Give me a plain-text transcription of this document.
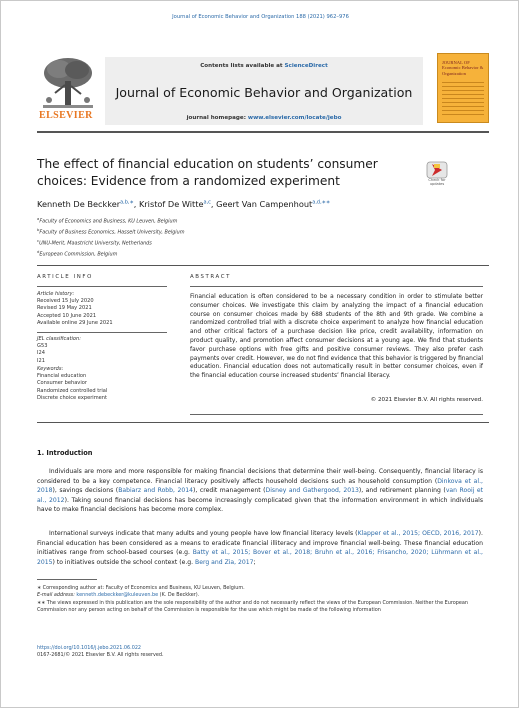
Journal of Economic Behavior and Organization 188 (2021) 962–976
ELSEVIER
Contents lists available at ScienceDirect
Journal of Economic Behavior and Organization
journal homepage: www.elsevier.com/locate/jebo
JOURNAL OF Economic Behavior & Organization
The effect of financial education on students’ consumer
choices: Evidence from a randomized experiment	Check for updates
Kenneth De Beckker$^{a,b,∗}$, Kristof De Witte$^{a,c}$, Geert Van Campenhout$^{a,d,∗∗}$
$^a$Faculty of Economics and Business, KU Leuven, Belgium
$^b$Faculty of Business Economics, Hasselt University, Belgium
$^c$UNU-Merit, Maastricht University, Netherlands
$^d$European Commission, Belgium
ARTICLE INFO	ABSTRACT
Article history:
Received 15 July 2020
Revised 19 May 2021
Accepted 10 June 2021
Available online 29 June 2021
JEL classification:
G53
I24
I21
Keywords:
Financial education
Consumer behavior
Randomized controlled trial
Discrete choice experiment
Financial education is often considered to be a necessary condition in order to stimulate better consumer choices. We investigate this claim by analyzing the impact of a financial education course on consumer choices made by 688 students of the 8th and 9th grade. We combine a randomized controlled trial with a discrete choice experiment to analyze how financial education and other critical factors of a purchase decision like price, credit availability, information on product quality, and promotion affect consumer decisions at a young age. We find that students favor purchase options with free gifts and positive consumer reviews. They also prefer cash payments over credit. However, we do not find evidence that this behavior is triggered by financial education. Financial education does not automatically result in better consumer choices, even if the financial education course increased students’ financial literacy.
© 2021 Elsevier B.V. All rights reserved.
1. Introduction
Individuals are more and more responsible for making financial decisions that determine their well-being. Consequently, financial literacy is considered to be a key competence. Financial literacy positively affects household decisions such as household consumption (Dinkova et al., 2018), savings decisions (Babiarz and Robb, 2014), credit management (Disney and Gathergood, 2013), and retirement planning (van Rooij et al., 2012). Taking sound financial decisions has become increasingly complicated given that the information environment in which individuals have to make financial decisions has become more complex.
International surveys indicate that many adults and young people have low financial literacy levels (Klapper et al., 2015; OECD, 2016, 2017). Financial education has been considered as a means to eradicate financial illiteracy and improve financial well-being. These financial education initiatives range from school-based courses (e.g. Batty et al., 2015; Bover et al., 2018; Bruhn et al., 2016; Frisancho, 2020; Lührmann et al., 2015) to initiatives outside the school context (e.g. Berg and Zia, 2017;
∗ Corresponding author at: Faculty of Economics and Business, KU Leuven, Belgium.
E-mail address: kenneth.debeckker@kuleuven.be (K. De Beckker).
∗∗ The views expressed in this publication are the sole responsibility of the author and do not necessarily reflect the views of the European Commission. Neither the European Commission nor any person acting on behalf of the Commission is responsible for the use which might be made of the following information
https://doi.org/10.1016/j.jebo.2021.06.022
0167-2681/© 2021 Elsevier B.V. All rights reserved.
